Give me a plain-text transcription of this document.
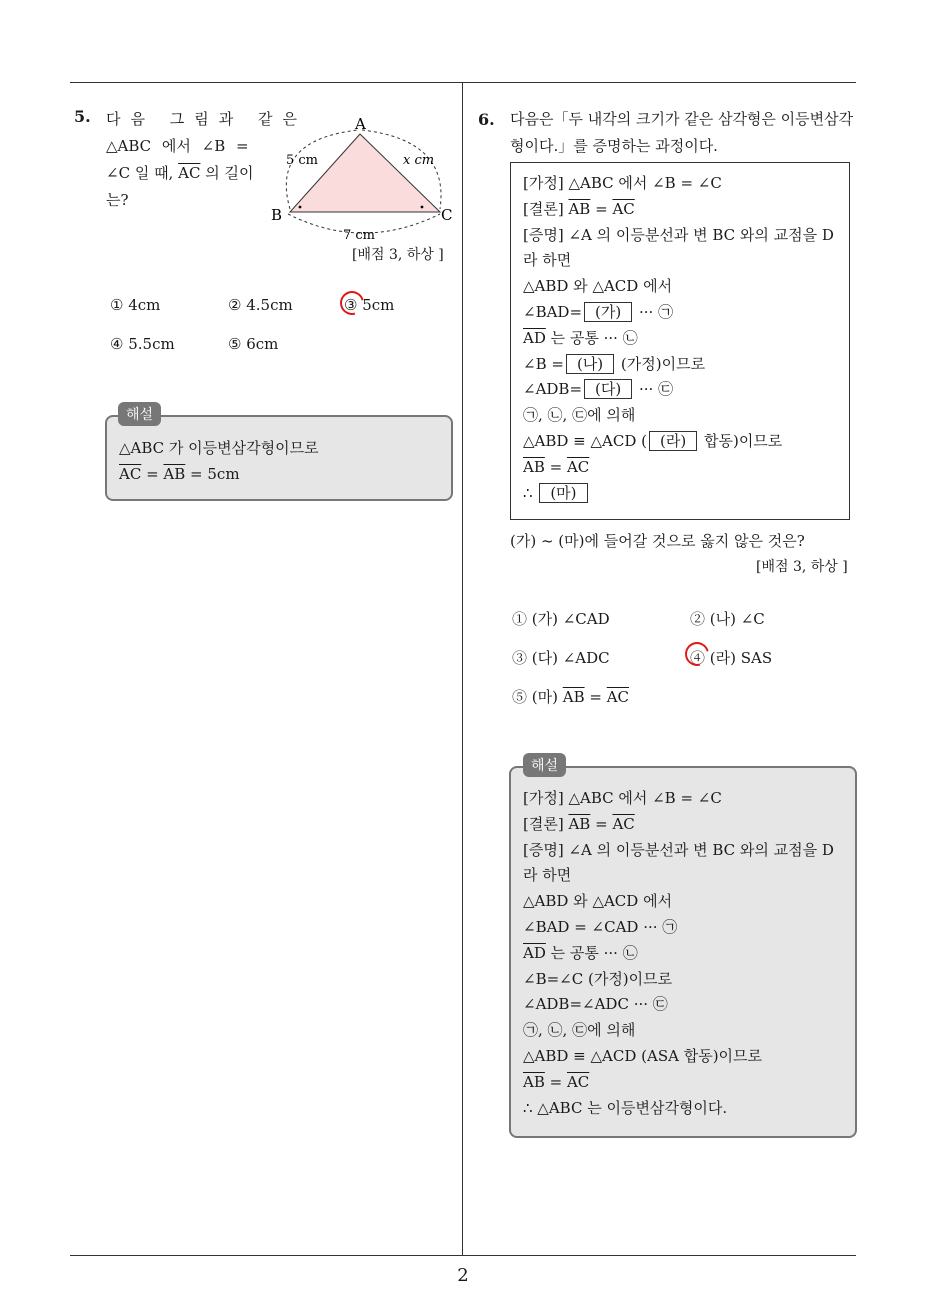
2
5. 다음 그림과 같은
△ABC 에서 ∠B =
∠C 일 때, $\overline{AC}$ 의 길이
는?
A
B	C
5 cm	x cm
7 cm
[배점 3, 하상 ]
① 4cm	② 4.5cm	③ 5cm
④ 5.5cm	⑤ 6cm
△ABC 가 이등변삼각형이므로
$\overline{AC} = \overline{AB} = 5cm$
해설
6. 다음은「두 내각의 크기가 같은 삼각형은 이등변삼각
형이다.」를 증명하는 과정이다.
[가정] △ABC 에서 ∠B = ∠C
[결론] $\overline{AB} = \overline{AC}$
[증명] ∠A 의 이등분선과 변 BC 와의 교점을 D
라 하면
△ABD 와 △ACD 에서
∠BAD= (가) ··· ㉠
$\overline{AD}$ 는 공통 ··· ㉡
∠B = (나) (가정)이므로
∠ADB= (다) ··· ㉢
㉠, ㉡, ㉢에 의해
△ABD ≡ △ACD ( (라) 합동)이므로
$\overline{AB} = \overline{AC}$
∴ (마)
(가) ~ (마)에 들어갈 것으로 옳지 않은 것은?
[배점 3, 하상 ]
① (가) ∠CAD	② (나) ∠C
③ (다) ∠ADC	④ (라) SAS
⑤ (마) $\overline{AB} = \overline{AC}$
[가정] △ABC 에서 ∠B = ∠C
[결론] $\overline{AB} = \overline{AC}$
[증명] ∠A 의 이등분선과 변 BC 와의 교점을 D
라 하면
△ABD 와 △ACD 에서
∠BAD = ∠CAD ··· ㉠
$\overline{AD}$ 는 공통 ··· ㉡
∠B=∠C (가정)이므로
∠ADB=∠ADC ··· ㉢
㉠, ㉡, ㉢에 의해
△ABD ≡ △ACD (ASA 합동)이므로
$\overline{AB} = \overline{AC}$
∴ △ABC 는 이등변삼각형이다.
해설
